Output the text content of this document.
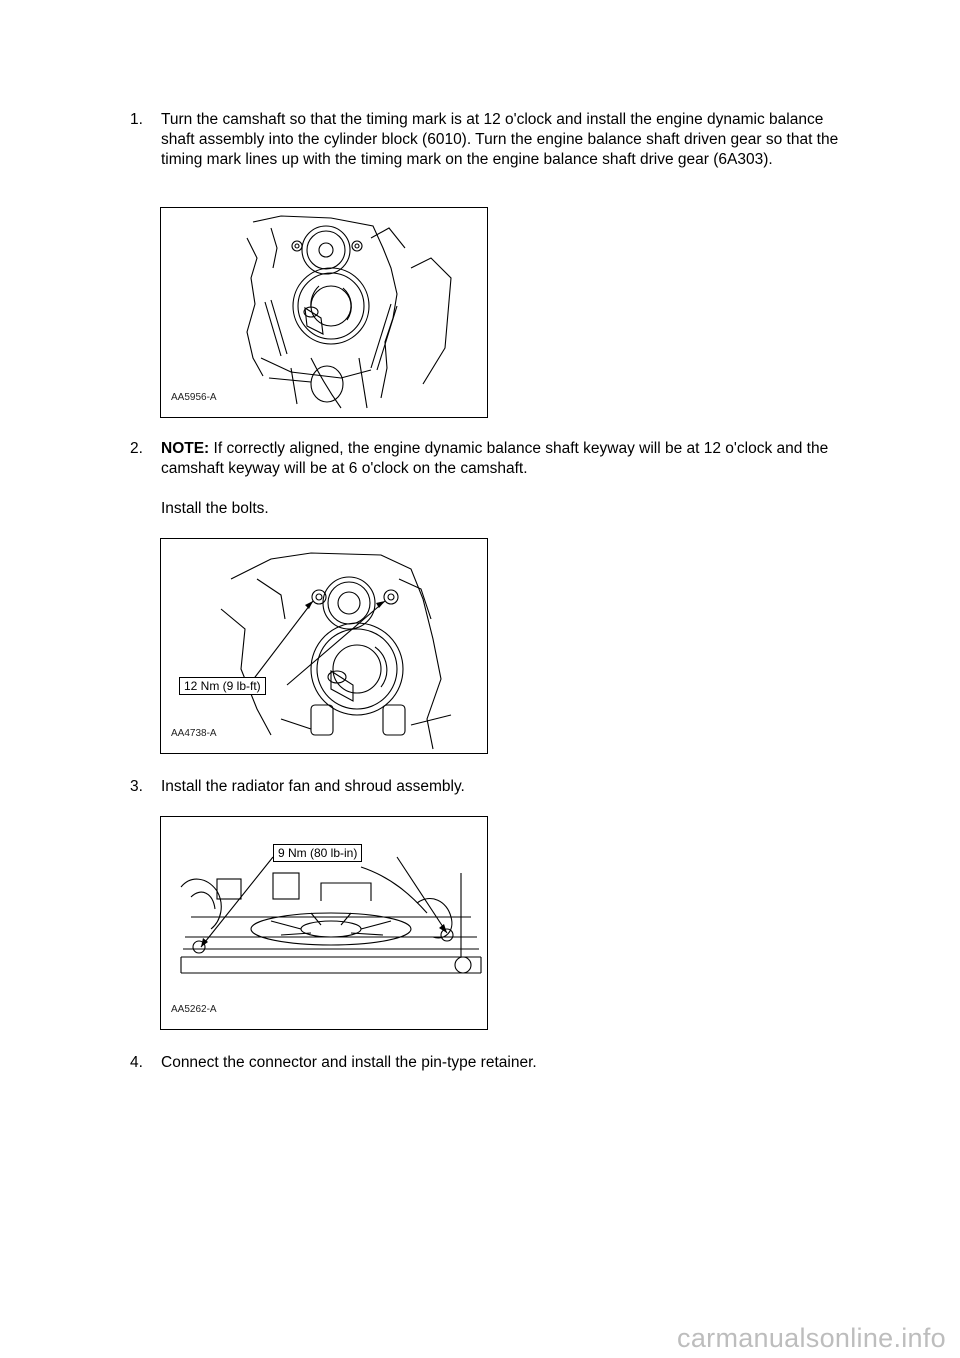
1. Turn the camshaft so that the timing mark is at 12 o'clock and install the engine dynamic balance shaft assembly into the cylinder block (6010). Turn the engine balance shaft driven gear so that the timing mark lines up with the timing mark on the engine balance shaft drive gear (6A303).

AA5956-A
2. NOTE: If correctly aligned, the engine dynamic balance shaft keyway will be at 12 o'clock and the camshaft keyway will be at 6 o'clock on the camshaft.

Install the bolts.

12 Nm (9 lb-ft)
AA4738-A
3. Install the radiator fan and shroud assembly.

9 Nm (80 lb-in)
AA5262-A
4. Connect the connector and install the pin-type retainer.

carmanualsonline.info
